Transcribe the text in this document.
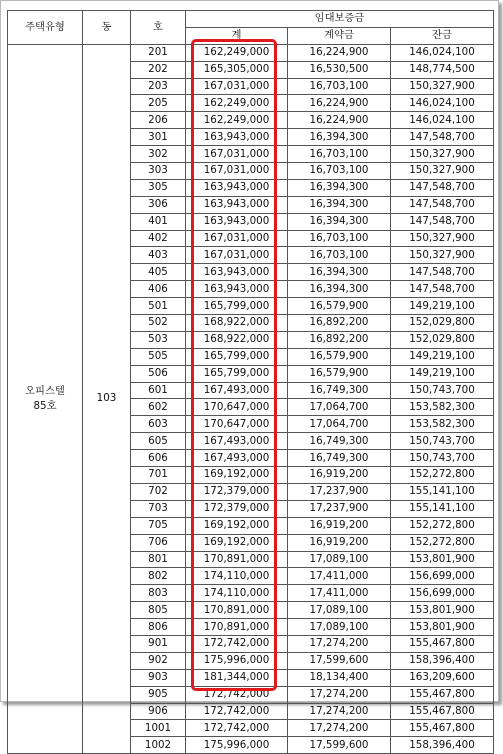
주택유형	동	호	임대보증금		
			계	계약금	잔금

오피스텔
85호	103	201	162,249,000	16,224,900	146,024,100
		202	165,305,000	16,530,500	148,774,500
		203	167,031,000	16,703,100	150,327,900
		205	162,249,000	16,224,900	146,024,100
		206	162,249,000	16,224,900	146,024,100
		301	163,943,000	16,394,300	147,548,700
		302	167,031,000	16,703,100	150,327,900
		303	167,031,000	16,703,100	150,327,900
		305	163,943,000	16,394,300	147,548,700
		306	163,943,000	16,394,300	147,548,700
		401	163,943,000	16,394,300	147,548,700
		402	167,031,000	16,703,100	150,327,900
		403	167,031,000	16,703,100	150,327,900
		405	163,943,000	16,394,300	147,548,700
		406	163,943,000	16,394,300	147,548,700
		501	165,799,000	16,579,900	149,219,100
		502	168,922,000	16,892,200	152,029,800
		503	168,922,000	16,892,200	152,029,800
		505	165,799,000	16,579,900	149,219,100
		506	165,799,000	16,579,900	149,219,100
		601	167,493,000	16,749,300	150,743,700
		602	170,647,000	17,064,700	153,582,300
		603	170,647,000	17,064,700	153,582,300
		605	167,493,000	16,749,300	150,743,700
		606	167,493,000	16,749,300	150,743,700
		701	169,192,000	16,919,200	152,272,800
		702	172,379,000	17,237,900	155,141,100
		703	172,379,000	17,237,900	155,141,100
		705	169,192,000	16,919,200	152,272,800
		706	169,192,000	16,919,200	152,272,800
		801	170,891,000	17,089,100	153,801,900
		802	174,110,000	17,411,000	156,699,000
		803	174,110,000	17,411,000	156,699,000
		805	170,891,000	17,089,100	153,801,900
		806	170,891,000	17,089,100	153,801,900
		901	172,742,000	17,274,200	155,467,800
		902	175,996,000	17,599,600	158,396,400
		903	181,344,000	18,134,400	163,209,600
		905	172,742,000	17,274,200	155,467,800
		906	172,742,000	17,274,200	155,467,800
		1001	172,742,000	17,274,200	155,467,800
		1002	175,996,000	17,599,600	158,396,400
